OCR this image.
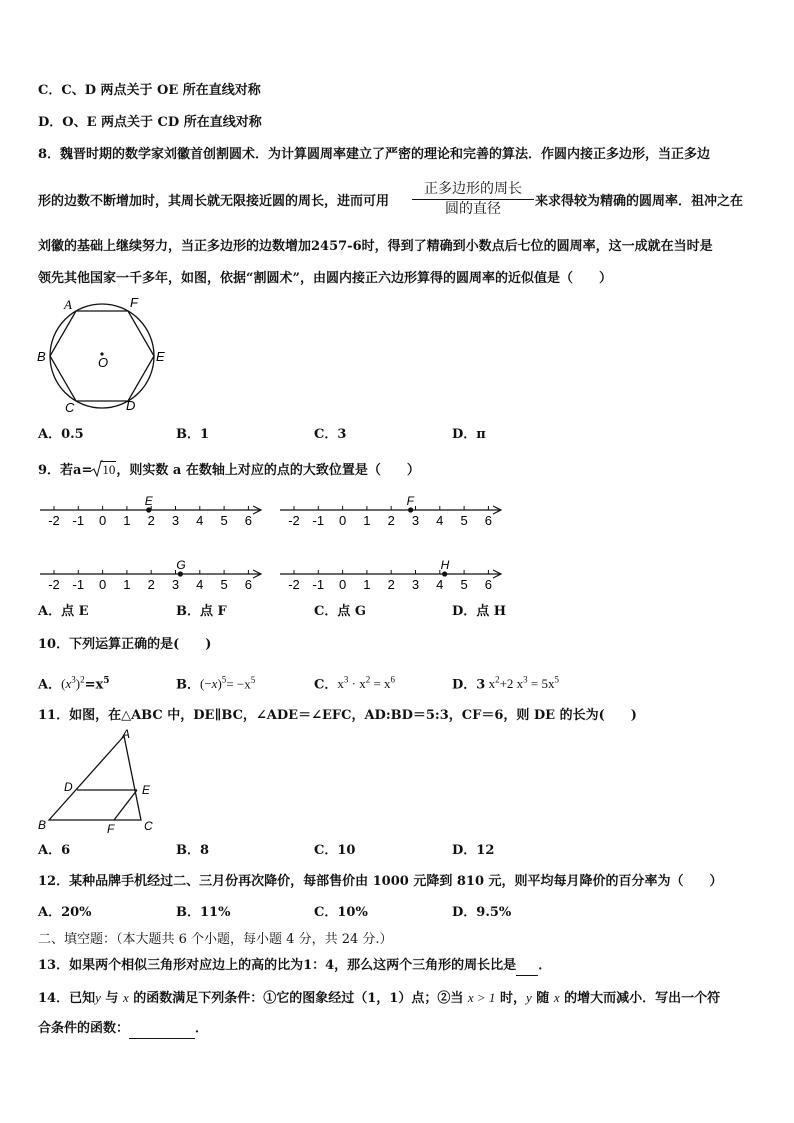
C．C、D 两点关于 OE 所在直线对称
D．O、E 两点关于 CD 所在直线对称
8．魏晋时期的数学家刘徽首创割圆术．为计算圆周率建立了严密的理论和完善的算法．作圆内接正多边形，当正多边
形的边数不断增加时，其周长就无限接近圆的周长，进而可用
正多边形的周长
圆的直径	来求得较为精确的圆周率．祖冲之在
刘徽的基础上继续努力，当正多边形的边数增加2457-6时，得到了精确到小数点后七位的圆周率，这一成就在当时是
领先其他国家一千多年，如图，依据“割圆术”，由圆内接正六边形算得的圆周率的近似值是（　　）
A	F
B	O	E
C	D
A．0.5	B．1	C．3	D．π
9．若a= 10，则实数 a 在数轴上对应的点的大致位置是（　　）
-2 -1 0 1 2 3 4 5 6
E
-2 -1 0 1 2 3 4 5 6
F
-2 -1 0 1 2 3 4 5 6
G
-2 -1 0 1 2 3 4 5 6
H
A．点 E	B．点 F	C．点 G	D．点 H
10．下列运算正确的是(　　)
A．$(x^3)^2=x^5$	B．$(-x)^5= -x^5$	C．$x^3 \cdot x^2 = x^6$	D．3 $x^2+2$ $x^3 = 5x^5$
11．如图，在△ABC 中，DE∥BC，∠ADE＝∠EFC，AD:BD＝5:3，CF＝6，则 DE 的长为(　　)
A
D	E
B	F C
A．6	B．8	C．10	D．12
12．某种品牌手机经过二、三月份再次降价，每部售价由 1000 元降到 810 元，则平均每月降价的百分率为（　　）
A．20%	B．11%	C．10%	D．9.5%
二、填空题：（本大题共 6 个小题，每小题 4 分，共 24 分.）
13．如果两个相似三角形对应边上的高的比为1：4，那么这两个三角形的周长比是 ．
14．已知y 与 x 的函数满足下列条件：①它的图象经过（1，1）点；②当 x > 1 时，y 随 x 的增大而减小．写出一个符
合条件的函数：	．
